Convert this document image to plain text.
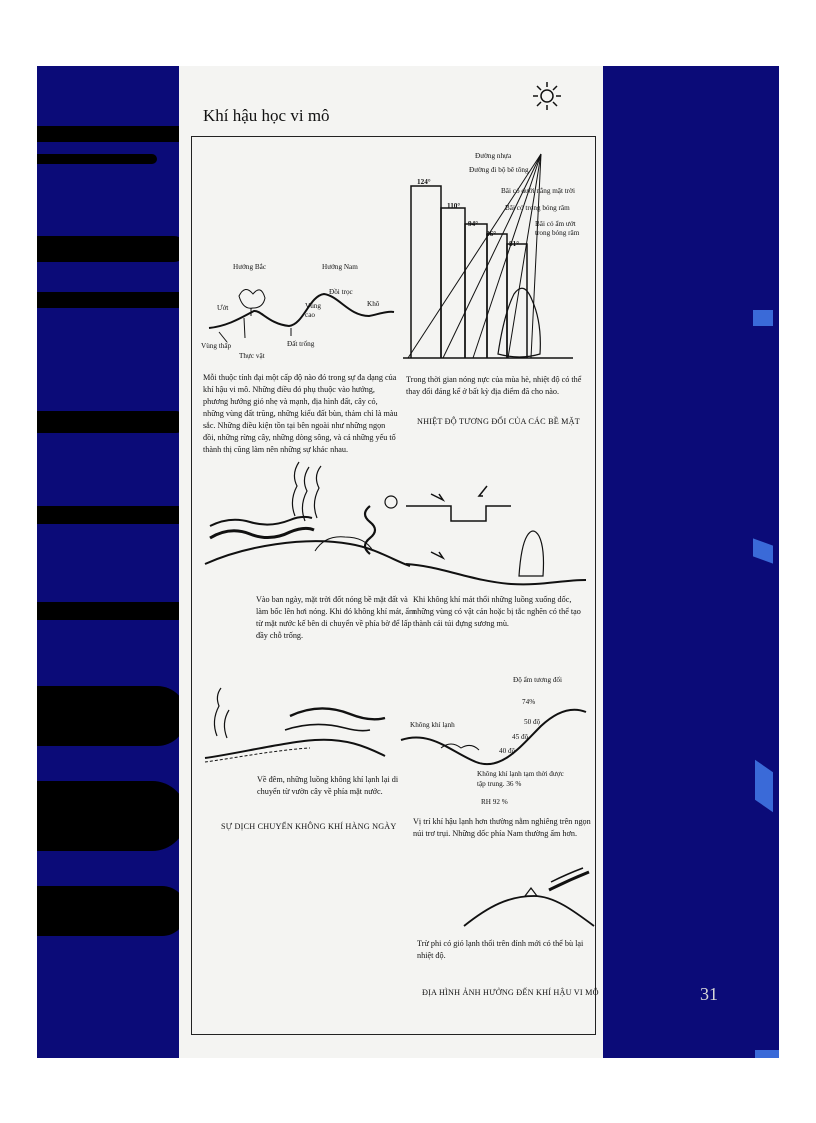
31
Khí hậu học vi mô
Hướng Bắc	Hướng Nam
Đồi trọc
Ướt	Vùng cao
Khô
Vùng thấp
Thực vật
Đất trống
Mỗi thuộc tính đại một cấp độ nào đó trong sự đa dạng của khí hậu vi mô. Những điều đó phụ thuộc vào hướng, phương hướng gió nhẹ và mạnh, địa hình đất, cây cỏ, những vùng đất trũng, những kiểu đất bùn, thảm chỉ là màu sắc. Những điều kiện tồn tại bên ngoài như những ngọn đồi, những rừng cây, những dòng sông, và cả những yếu tố thành thị cũng làm nên những sự khác nhau.
124°
110°
94°
86°
81°
Đường nhựa
Đường đi bộ bê tông
Bãi cỏ dưới nắng mặt trời
Bãi cỏ trong bóng râm
Bãi cỏ ẩm ướt trong bóng râm
Trong thời gian nóng nực của mùa hè, nhiệt độ có thể thay đổi đáng kể ở bất kỳ địa điểm đã cho nào.
NHIỆT ĐỘ TƯƠNG ĐỐI CỦA CÁC BỀ MẶT
Vào ban ngày, mặt trời đốt nóng bề mặt đất và làm bốc lên hơi nóng. Khi đó không khí mát, ẩm từ mặt nước kế bên di chuyển về phía bờ để lấp đầy chỗ trống.
Khi không khí mát thổi những luồng xuống dốc, những vùng có vật cản hoặc bị tắc nghẽn có thể tạo thành cái túi đựng sương mù.
Về đêm, những luồng không khí lạnh lại di chuyển từ vườn cây về phía mặt nước.
SỰ DỊCH CHUYỂN KHÔNG KHÍ HÀNG NGÀY
Độ ẩm tương đối
74%
50 độ
45 độ
40 độ
Không khí lạnh
Không khí lạnh tạm thời được tập trung. 36 %
RH 92 %
Vị trí khí hậu lạnh hơn thường nằm nghiêng trên ngọn núi trơ trụi. Những dốc phía Nam thường ấm hơn.
Trừ phi có gió lạnh thổi trên đỉnh mới có thể bù lại nhiệt độ.
ĐỊA HÌNH ẢNH HƯỞNG ĐẾN KHÍ HẬU VI MÔ
